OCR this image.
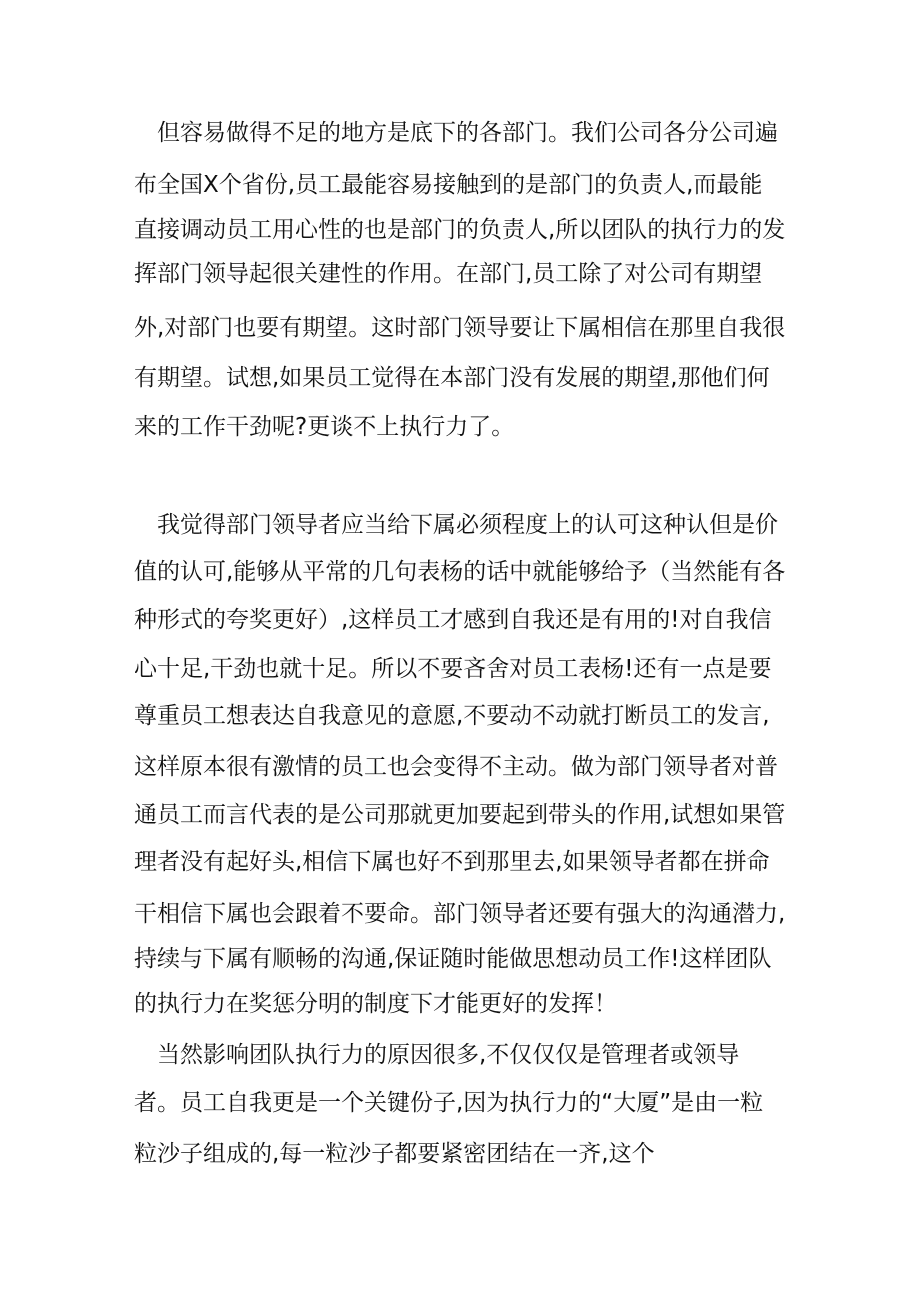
　但容易做得不足的地方是底下的各部门。我们公司各分公司遍
布全国X个省份,员工最能容易接触到的是部门的负责人,而最能
直接调动员工用心性的也是部门的负责人,所以团队的执行力的发
挥部门领导起很关建性的作用。在部门,员工除了对公司有期望
外,对部门也要有期望。这时部门领导要让下属相信在那里自我很
有期望。试想,如果员工觉得在本部门没有发展的期望,那他们何
来的工作干劲呢?更谈不上执行力了。
　我觉得部门领导者应当给下属必须程度上的认可这种认但是价
值的认可,能够从平常的几句表杨的话中就能够给予（当然能有各
种形式的夸奖更好）,这样员工才感到自我还是有用的!对自我信
心十足,干劲也就十足。所以不要吝舍对员工表杨!还有一点是要
尊重员工想表达自我意见的意愿,不要动不动就打断员工的发言,
这样原本很有激情的员工也会变得不主动。做为部门领导者对普
通员工而言代表的是公司那就更加要起到带头的作用,试想如果管
理者没有起好头,相信下属也好不到那里去,如果领导者都在拼命
干相信下属也会跟着不要命。部门领导者还要有强大的沟通潜力,
持续与下属有顺畅的沟通,保证随时能做思想动员工作!这样团队
的执行力在奖惩分明的制度下才能更好的发挥！
　当然影响团队执行力的原因很多,不仅仅仅是管理者或领导
者。员工自我更是一个关键份子,因为执行力的“大厦”是由一粒
粒沙子组成的,每一粒沙子都要紧密团结在一齐,这个
